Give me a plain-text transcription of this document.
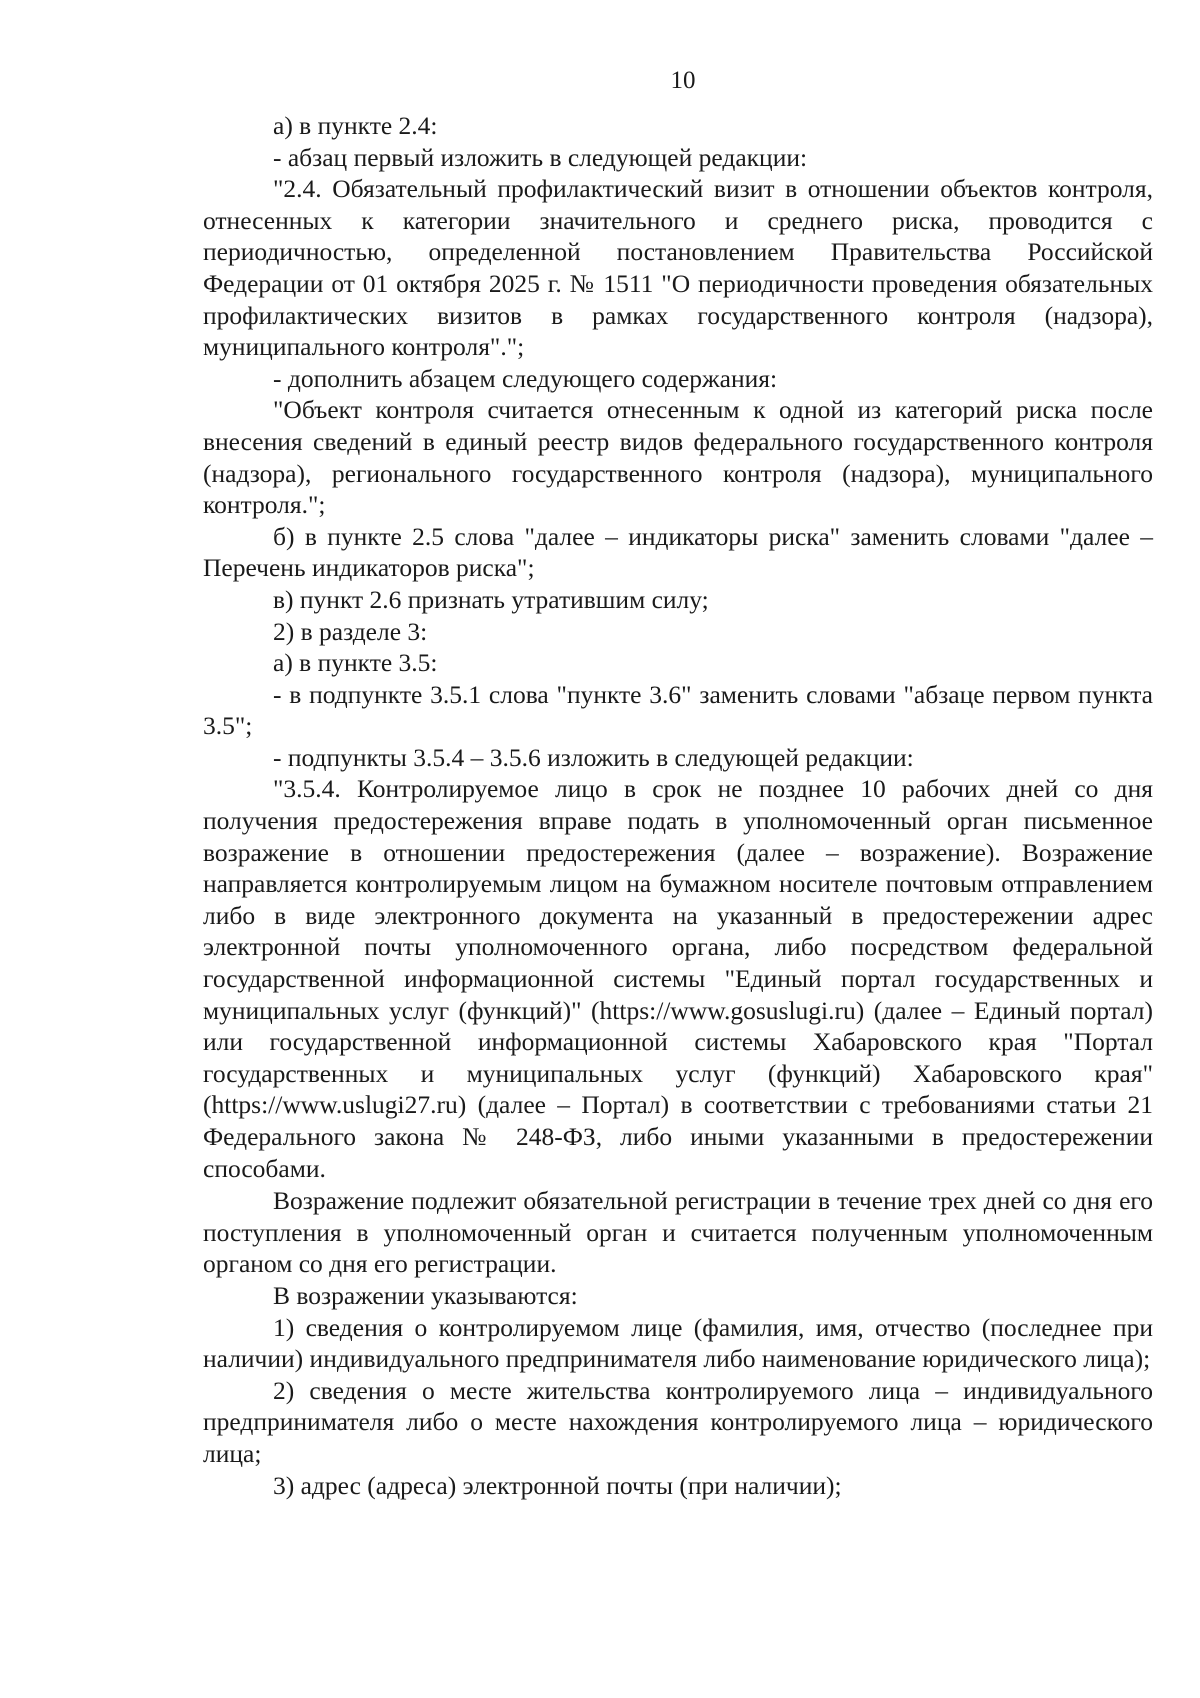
10

а) в пункте 2.4:

- абзац первый изложить в следующей редакции:

"2.4. Обязательный профилактический визит в отношении объектов контроля, отнесенных к категории значительного и среднего риска, проводится с периодичностью, определенной постановлением Правительства Российской Федерации от 01 октября 2025 г. № 1511 "О периодичности проведения обязательных профилактических визитов в рамках государственного контроля (надзора), муниципального контроля".";

- дополнить абзацем следующего содержания:

"Объект контроля считается отнесенным к одной из категорий риска после внесения сведений в единый реестр видов федерального государственного контроля (надзора), регионального государственного контроля (надзора), муниципального контроля.";

б) в пункте 2.5 слова "далее – индикаторы риска" заменить словами "далее – Перечень индикаторов риска";

в) пункт 2.6 признать утратившим силу;

2) в разделе 3:

а) в пункте 3.5:

- в подпункте 3.5.1 слова "пункте 3.6" заменить словами "абзаце первом пункта 3.5";

- подпункты 3.5.4 – 3.5.6 изложить в следующей редакции:

"3.5.4. Контролируемое лицо в срок не позднее 10 рабочих дней со дня получения предостережения вправе подать в уполномоченный орган письменное возражение в отношении предостережения (далее – возражение). Возражение направляется контролируемым лицом на бумажном носителе почтовым отправлением либо в виде электронного документа на указанный в предостережении адрес электронной почты уполномоченного органа, либо посредством федеральной государственной информационной системы "Единый портал государственных и муниципальных услуг (функций)" (https://www.gosuslugi.ru) (далее – Единый портал) или государственной информационной системы Хабаровского края "Портал государственных и муниципальных услуг (функций) Хабаровского края" (https://www.uslugi27.ru) (далее – Портал) в соответствии с требованиями статьи 21 Федерального закона № 248-ФЗ, либо иными указанными в предостережении способами.

Возражение подлежит обязательной регистрации в течение трех дней со дня его поступления в уполномоченный орган и считается полученным уполномоченным органом со дня его регистрации.

В возражении указываются:

1) сведения о контролируемом лице (фамилия, имя, отчество (последнее при наличии) индивидуального предпринимателя либо наименование юридического лица);

2) сведения о месте жительства контролируемого лица – индивидуального предпринимателя либо о месте нахождения контролируемого лица – юридического лица;

3) адрес (адреса) электронной почты (при наличии);
